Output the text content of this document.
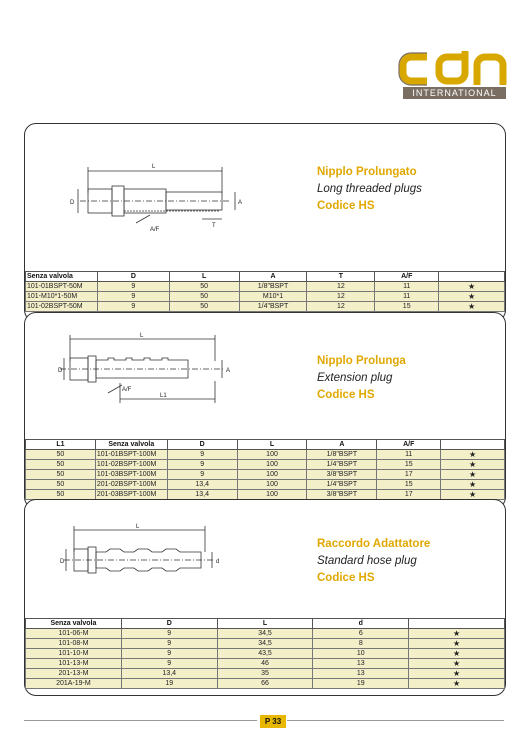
INTERNATIONAL
L
D	A
T
A/F
Nipplo Prolungato
Long threaded plugs
Codice HS
Senza valvola	D	L	A	T	A/F	
101-01BSPT-50M	9	50	1/8"BSPT	12	11	★
101-M10*1-50M	9	50	M10*1	12	11	★
101-02BSPT-50M	9	50	1/4"BSPT	12	15	★
L
D	A
L1
A/F
Nipplo Prolunga
Extension plug
Codice HS
L1	Senza valvola	D	L	A	A/F	
50	101-01BSPT-100M	9	100	1/8"BSPT	11	★
50	101-02BSPT-100M	9	100	1/4"BSPT	15	★
50	101-03BSPT-100M	9	100	3/8"BSPT	17	★
50	201-02BSPT-100M	13,4	100	1/4"BSPT	15	★
50	201-03BSPT-100M	13,4	100	3/8"BSPT	17	★
L
D	d
Raccordo Adattatore
Standard hose plug
Codice HS
Senza valvola	D	L	d	
101-06-M	9	34,5	6	★
101-08-M	9	34,5	8	★
101-10-M	9	43,5	10	★
101-13-M	9	46	13	★
201-13-M	13,4	35	13	★
201A-19-M	19	66	19	★
P 33
